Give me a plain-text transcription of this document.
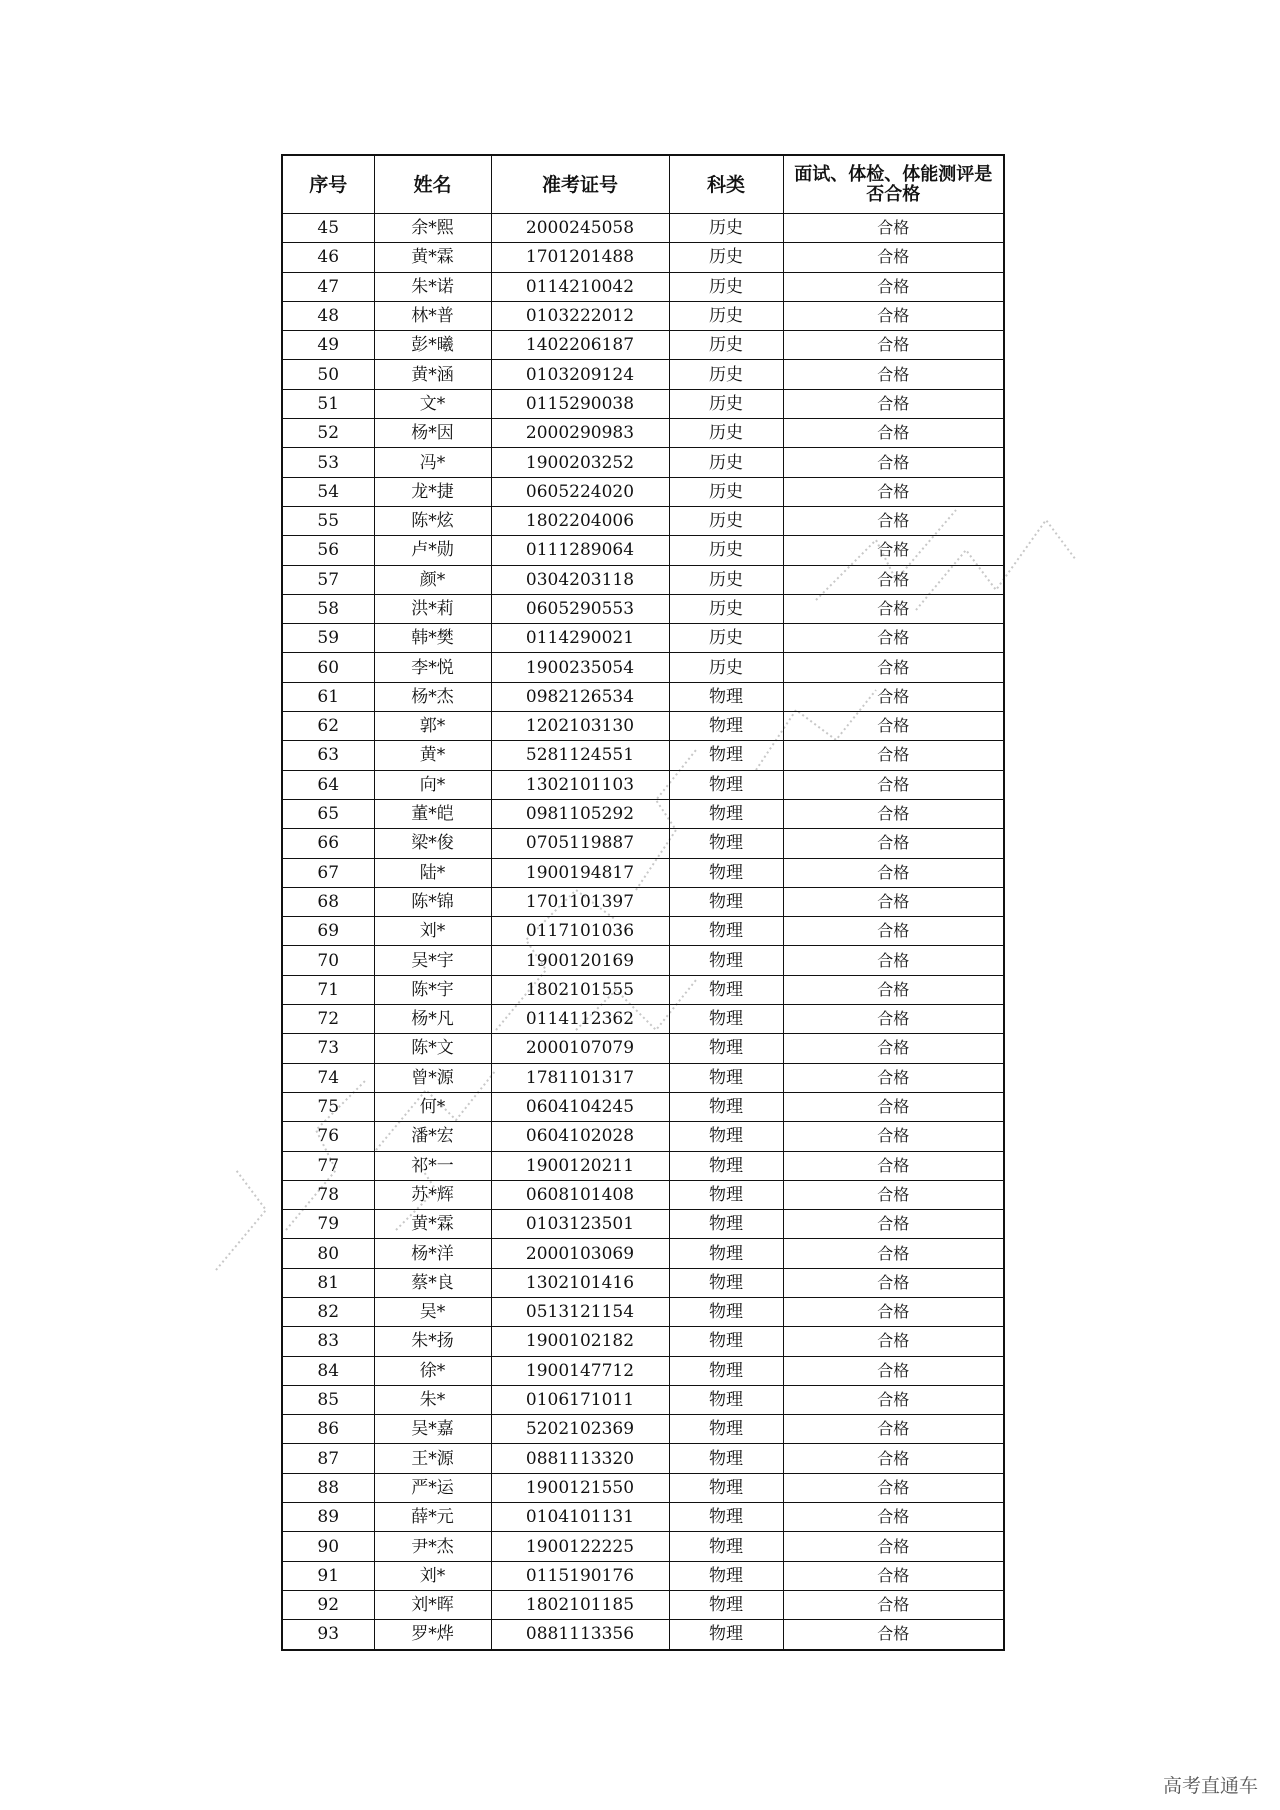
序号	姓名	准考证号	科类	面试、体检、体能测评是否合格
45	余*熙	2000245058	历史	合格
46	黄*霖	1701201488	历史	合格
47	朱*诺	0114210042	历史	合格
48	林*普	0103222012	历史	合格
49	彭*曦	1402206187	历史	合格
50	黄*涵	0103209124	历史	合格
51	文*	0115290038	历史	合格
52	杨*因	2000290983	历史	合格
53	冯*	1900203252	历史	合格
54	龙*捷	0605224020	历史	合格
55	陈*炫	1802204006	历史	合格
56	卢*勋	0111289064	历史	合格
57	颜*	0304203118	历史	合格
58	洪*莉	0605290553	历史	合格
59	韩*樊	0114290021	历史	合格
60	李*悦	1900235054	历史	合格
61	杨*杰	0982126534	物理	合格
62	郭*	1202103130	物理	合格
63	黄*	5281124551	物理	合格
64	向*	1302101103	物理	合格
65	董*皑	0981105292	物理	合格
66	梁*俊	0705119887	物理	合格
67	陆*	1900194817	物理	合格
68	陈*锦	1701101397	物理	合格
69	刘*	0117101036	物理	合格
70	吴*宇	1900120169	物理	合格
71	陈*宇	1802101555	物理	合格
72	杨*凡	0114112362	物理	合格
73	陈*文	2000107079	物理	合格
74	曾*源	1781101317	物理	合格
75	何*	0604104245	物理	合格
76	潘*宏	0604102028	物理	合格
77	祁*一	1900120211	物理	合格
78	苏*辉	0608101408	物理	合格
79	黄*霖	0103123501	物理	合格
80	杨*洋	2000103069	物理	合格
81	蔡*良	1302101416	物理	合格
82	吴*	0513121154	物理	合格
83	朱*扬	1900102182	物理	合格
84	徐*	1900147712	物理	合格
85	朱*	0106171011	物理	合格
86	吴*嘉	5202102369	物理	合格
87	王*源	0881113320	物理	合格
88	严*运	1900121550	物理	合格
89	薛*元	0104101131	物理	合格
90	尹*杰	1900122225	物理	合格
91	刘*	0115190176	物理	合格
92	刘*晖	1802101185	物理	合格
93	罗*烨	0881113356	物理	合格
高考直通车
